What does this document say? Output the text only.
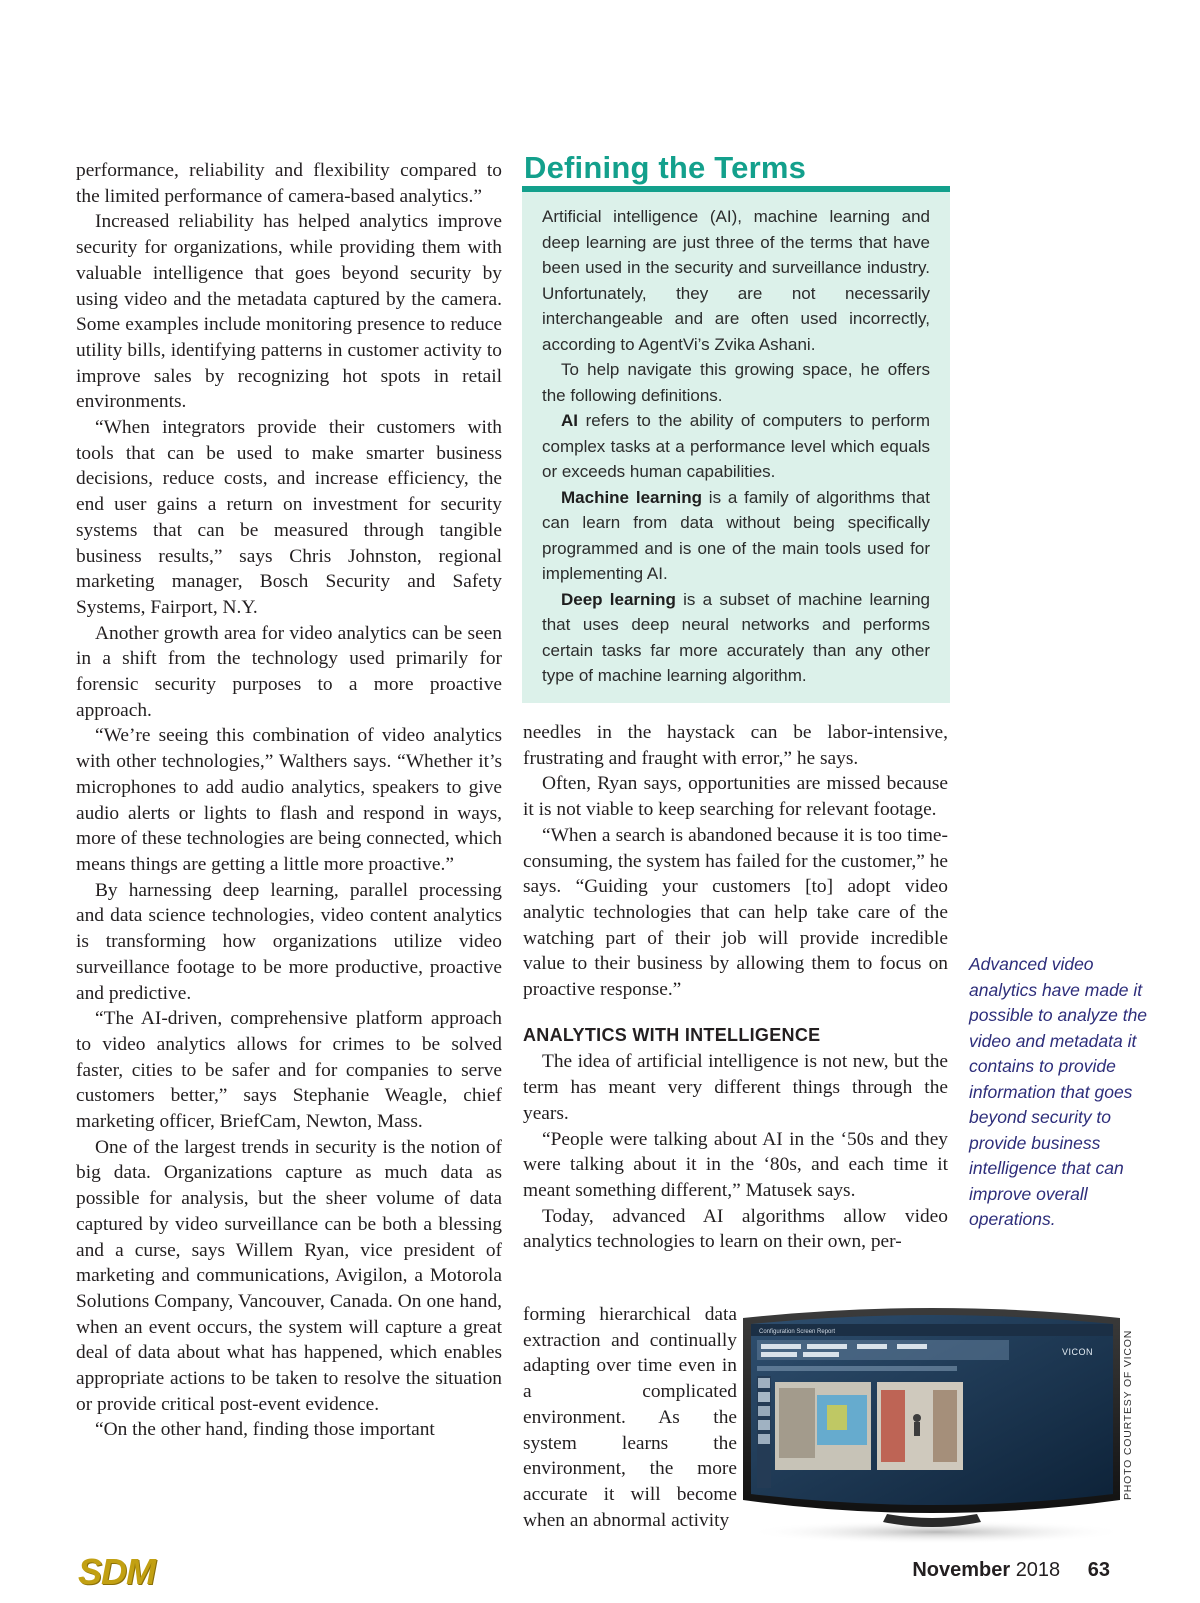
performance, reliability and flexibility compared to the limited performance of camera-based analytics.”

Increased reliability has helped analytics improve security for organizations, while providing them with valuable intelligence that goes beyond security by using video and the metadata captured by the camera. Some examples include monitoring presence to reduce utility bills, identifying patterns in customer activity to improve sales by recognizing hot spots in retail environments.

“When integrators provide their customers with tools that can be used to make smarter business decisions, reduce costs, and increase efficiency, the end user gains a return on investment for security systems that can be measured through tangible business results,” says Chris Johnston, regional marketing manager, Bosch Security and Safety Systems, Fairport, N.Y.

Another growth area for video analytics can be seen in a shift from the technology used primarily for forensic security purposes to a more proactive approach.

“We’re seeing this combination of video analytics with other technologies,” Walthers says. “Whether it’s microphones to add audio analytics, speakers to give audio alerts or lights to flash and respond in ways, more of these technologies are being connected, which means things are getting a little more proactive.”

By harnessing deep learning, parallel processing and data science technologies, video content analytics is transforming how organizations utilize video surveillance footage to be more productive, proactive and predictive.

“The AI-driven, comprehensive platform approach to video analytics allows for crimes to be solved faster, cities to be safer and for companies to serve customers better,” says Stephanie Weagle, chief marketing officer, BriefCam, Newton, Mass.

One of the largest trends in security is the notion of big data. Organizations capture as much data as possible for analysis, but the sheer volume of data captured by video surveillance can be both a blessing and a curse, says Willem Ryan, vice president of marketing and communications, Avigilon, a Motorola Solutions Company, Vancouver, Canada. On one hand, when an event occurs, the system will capture a great deal of data about what has happened, which enables appropriate actions to be taken to resolve the situation or provide critical post-event evidence.

“On the other hand, finding those important

Defining the Terms

Artificial intelligence (AI), machine learning and deep learning are just three of the terms that have been used in the security and surveillance industry. Unfortunately, they are not necessarily interchangeable and are often used incorrectly, according to AgentVi’s Zvika Ashani.

To help navigate this growing space, he offers the following definitions.

AI refers to the ability of computers to perform complex tasks at a performance level which equals or exceeds human capabilities.

Machine learning is a family of algorithms that can learn from data without being specifically programmed and is one of the main tools used for implementing AI.

Deep learning is a subset of machine learning that uses deep neural networks and performs certain tasks far more accurately than any other type of machine learning algorithm.

needles in the haystack can be labor-intensive, frustrating and fraught with error,” he says.

Often, Ryan says, opportunities are missed because it is not viable to keep searching for relevant footage.

“When a search is abandoned because it is too time-consuming, the system has failed for the customer,” he says. “Guiding your customers [to] adopt video analytic technologies that can help take care of the watching part of their job will provide incredible value to their business by allowing them to focus on proactive response.”

ANALYTICS WITH INTELLIGENCE

The idea of artificial intelligence is not new, but the term has meant very different things through the years.

“People were talking about AI in the ‘50s and they were talking about it in the ‘80s, and each time it meant something different,” Matusek says.

Today, advanced AI algorithms allow video analytics technologies to learn on their own, per-

forming hierarchical data extraction and continually adapting over time even in a complicated environment. As the system learns the environment, the more accurate it will become when an abnormal activity

Advanced video analytics have made it possible to analyze the video and metadata it contains to provide information that goes beyond security to provide business intelligence that can improve overall operations.
PHOTO COURTESY OF VICON
Configuration Screen Report
VICON
SDM	November 2018 63
